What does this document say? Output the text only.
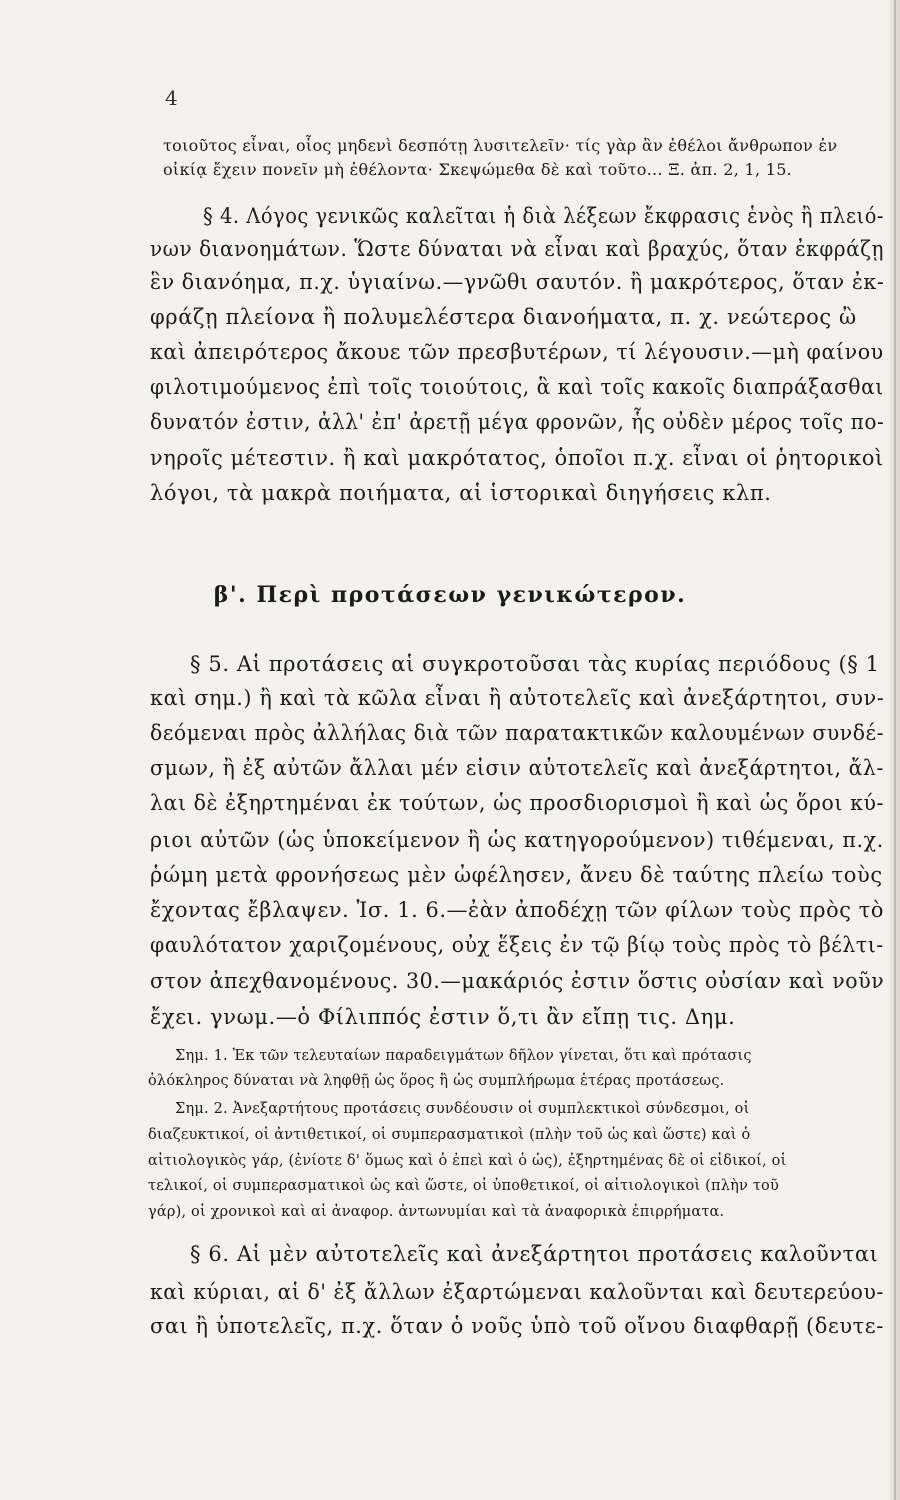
4
τοιοῦτος εἶναι, οἷος μηδενὶ δεσπότῃ λυσιτελεῖν· τίς γὰρ ἂν ἐθέλοι ἄνθρωπον ἐν
οἰκίᾳ ἔχειν πονεῖν μὴ ἐθέλοντα· Σκεψώμεθα δὲ καὶ τοῦτο... Ξ. ἀπ. 2, 1, 15.
§ 4. Λόγος γενικῶς καλεῖται ἡ διὰ λέξεων ἔκφρασις ἑνὸς ἢ πλειό-
νων διανοημάτων. Ὥστε δύναται νὰ εἶναι καὶ βραχύς, ὅταν ἐκφράζῃ
ἓν διανόημα, π.χ. ὑγιαίνω.—γνῶθι σαυτόν. ἢ μακρότερος, ὅταν ἐκ-
φράζῃ πλείονα ἢ πολυμελέστερα διανοήματα, π. χ. νεώτερος ὢ
καὶ ἀπειρότερος ἄκουε τῶν πρεσβυτέρων, τί λέγουσιν.—μὴ φαίνου
φιλοτιμούμενος ἐπὶ τοῖς τοιούτοις, ἃ καὶ τοῖς κακοῖς διαπράξασθαι
δυνατόν ἐστιν, ἀλλ' ἐπ' ἀρετῇ μέγα φρονῶν, ἧς οὐδὲν μέρος τοῖς πο-
νηροῖς μέτεστιν. ἢ καὶ μακρότατος, ὁποῖοι π.χ. εἶναι οἱ ῥητορικοὶ
λόγοι, τὰ μακρὰ ποιήματα, αἱ ἱστορικαὶ διηγήσεις κλπ.
β'. Περὶ προτάσεων γενικώτερον.
§ 5. Αἱ προτάσεις αἱ συγκροτοῦσαι τὰς κυρίας περιόδους (§ 1
καὶ σημ.) ἢ καὶ τὰ κῶλα εἶναι ἢ αὐτοτελεῖς καὶ ἀνεξάρτητοι, συν-
δεόμεναι πρὸς ἀλλήλας διὰ τῶν παρατακτικῶν καλουμένων συνδέ-
σμων, ἢ ἐξ αὐτῶν ἄλλαι μέν εἰσιν αὐτοτελεῖς καὶ ἀνεξάρτητοι, ἄλ-
λαι δὲ ἐξηρτημέναι ἐκ τούτων, ὡς προσδιορισμοὶ ἢ καὶ ὡς ὅροι κύ-
ριοι αὐτῶν (ὡς ὑποκείμενον ἢ ὡς κατηγορούμενον) τιθέμεναι, π.χ.
ῥώμη μετὰ φρονήσεως μὲν ὠφέλησεν, ἄνευ δὲ ταύτης πλείω τοὺς
ἔχοντας ἔβλαψεν. Ἰσ. 1. 6.—ἐὰν ἀποδέχῃ τῶν φίλων τοὺς πρὸς τὸ
φαυλότατον χαριζομένους, οὐχ ἕξεις ἐν τῷ βίῳ τοὺς πρὸς τὸ βέλτι-
στον ἀπεχθανομένους. 30.—μακάριός ἐστιν ὅστις οὐσίαν καὶ νοῦν
ἔχει. γνωμ.—ὁ Φίλιππός ἐστιν ὅ,τι ἂν εἴπῃ τις. Δημ.
Σημ. 1. Ἐκ τῶν τελευταίων παραδειγμάτων δῆλον γίνεται, ὅτι καὶ πρότασις
ὁλόκληρος δύναται νὰ ληφθῇ ὡς ὅρος ἢ ὡς συμπλήρωμα ἑτέρας προτάσεως.
Σημ. 2. Ἀνεξαρτήτους προτάσεις συνδέουσιν οἱ συμπλεκτικοὶ σύνδεσμοι, οἱ
διαζευκτικοί, οἱ ἀντιθετικοί, οἱ συμπερασματικοὶ (πλὴν τοῦ ὡς καὶ ὥστε) καὶ ὁ
αἰτιολογικὸς γάρ, (ἐνίοτε δ' ὅμως καὶ ὁ ἐπεὶ καὶ ὁ ὡς), ἐξηρτημένας δὲ οἱ εἰδικοί, οἱ
τελικοί, οἱ συμπερασματικοὶ ὡς καὶ ὥστε, οἱ ὑποθετικοί, οἱ αἰτιολογικοὶ (πλὴν τοῦ
γάρ), οἱ χρονικοὶ καὶ αἱ ἀναφορ. ἀντωνυμίαι καὶ τὰ ἀναφορικὰ ἐπιρρήματα.
§ 6. Αἱ μὲν αὐτοτελεῖς καὶ ἀνεξάρτητοι προτάσεις καλοῦνται
καὶ κύριαι, αἱ δ' ἐξ ἄλλων ἐξαρτώμεναι καλοῦνται καὶ δευτερεύου-
σαι ἢ ὑποτελεῖς, π.χ. ὅταν ὁ νοῦς ὑπὸ τοῦ οἴνου διαφθαρῇ (δευτε-
